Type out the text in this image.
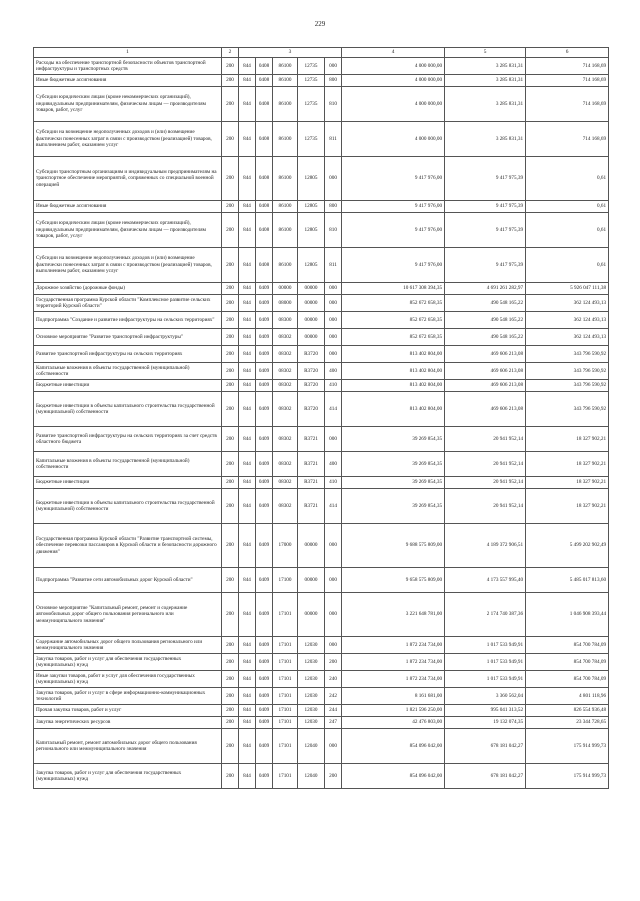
229
1	2	3					4	5	6
Расходы на обеспечение транспортной безопасности объектов транспортной инфраструктуры и транспортных средств	200	844	0408	86100	12735	000	4 000 000,00	3 285 831,31	714 168,69
Иные бюджетные ассигнования	200	844	0408	86100	12735	800	4 000 000,00	3 285 831,31	714 168,69
Субсидии юридическим лицам (кроме некоммерческих организаций), индивидуальным предпринимателям, физическим лицам — производителям товаров, работ, услуг	200	844	0408	86100	12735	810	4 000 000,00	3 285 831,31	714 168,69
Субсидии на возмещение недополученных доходов и (или) возмещение фактически понесенных затрат в связи с производством (реализацией) товаров, выполнением работ, оказанием услуг	200	844	0408	86100	12735	811	4 000 000,00	3 285 831,31	714 168,69
Субсидии транспортным организациям и индивидуальным предпринимателям на транспортное обеспечение мероприятий, сопряженных со специальной военной операцией	200	844	0408	86100	12805	000	9 417 976,00	9 417 975,39	0,61
Иные бюджетные ассигнования	200	844	0408	86100	12805	800	9 417 976,00	9 417 975,39	0,61
Субсидии юридическим лицам (кроме некоммерческих организаций), индивидуальным предпринимателям, физическим лицам — производителям товаров, работ, услуг	200	844	0408	86100	12805	810	9 417 976,00	9 417 975,39	0,61
Субсидии на возмещение недополученных доходов и (или) возмещение фактически понесенных затрат в связи с производством (реализацией) товаров, выполнением работ, оказанием услуг	200	844	0408	86100	12805	811	9 417 976,00	9 417 975,39	0,61
Дорожное хозяйство (дорожные фонды)	200	844	0409	00000	00000	000	10 617 308 394,35	4 691 261 282,97	5 926 047 111,38
Государственная программа Курской области "Комплексное развитие сельских территорий Курской области"	200	844	0409	08000	00000	000	852 672 658,35	490 548 165,22	362 124 493,13
Подпрограмма "Создание и развитие инфраструктуры на сельских территориях"	200	844	0409	08300	00000	000	852 672 658,35	490 548 165,22	362 124 493,13
Основное мероприятие "Развитие транспортной инфраструктуры"	200	844	0409	08302	00000	000	852 672 658,35	490 548 165,22	362 124 493,13
Развитие транспортной инфраструктуры на сельских территориях	200	844	0409	08302	R3720	000	813 402 804,00	469 606 213,08	343 796 590,92
Капитальные вложения в объекты государственной (муниципальной) собственности	200	844	0409	08302	R3720	400	813 402 804,00	469 606 213,08	343 796 590,92
Бюджетные инвестиции	200	844	0409	08302	R3720	410	813 402 804,00	469 606 213,08	343 796 590,92
Бюджетные инвестиции в объекты капитального строительства государственной (муниципальной) собственности	200	844	0409	08302	R3720	414	813 402 804,00	469 606 213,08	343 796 590,92
Развитие транспортной инфраструктуры на сельских территориях за счет средств областного бюджета	200	844	0409	08302	R3721	000	39 269 854,35	20 941 952,14	18 327 902,21
Капитальные вложения в объекты государственной (муниципальной) собственности	200	844	0409	08302	R3721	400	39 269 854,35	20 941 952,14	18 327 902,21
Бюджетные инвестиции	200	844	0409	08302	R3721	410	39 269 854,35	20 941 952,14	18 327 902,21
Бюджетные инвестиции в объекты капитального строительства государственной (муниципальной) собственности	200	844	0409	08302	R3721	414	39 269 854,35	20 941 952,14	18 327 902,21
Государственная программа Курской области "Развитие транспортной системы, обеспечение перевозки пассажиров в Курской области и безопасности дорожного движения"	200	844	0409	17000	00000	000	9 688 575 809,00	4 189 372 906,51	5 499 202 902,49
Подпрограмма "Развитие сети автомобильных дорог Курской области"	200	844	0409	17100	00000	000	9 658 575 809,00	4 173 557 995,40	5 485 017 813,60
Основное мероприятие "Капитальный ремонт, ремонт и содержание автомобильных дорог общего пользования регионального или межмуниципального значения"	200	844	0409	17101	00000	000	3 221 648 781,00	2 174 740 387,36	1 046 908 393,44
Содержание автомобильных дорог общего пользования регионального или межмуниципального значения	200	844	0409	17101	12030	000	1 872 234 734,00	1 017 533 949,91	854 700 784,09
Закупка товаров, работ и услуг для обеспечения государственных (муниципальных) нужд	200	844	0409	17101	12030	200	1 872 234 734,00	1 017 533 949,91	854 700 784,09
Иные закупки товаров, работ и услуг для обеспечения государственных (муниципальных) нужд	200	844	0409	17101	12030	240	1 872 234 734,00	1 017 533 949,91	854 700 784,09
Закупка товаров, работ и услуг в сфере информационно-коммуникационных технологий	200	844	0409	17101	12030	242	8 161 681,00	3 360 562,04	4 801 118,96
Прочая закупка товаров, работ и услуг	200	844	0409	17101	12030	244	1 821 596 250,00	995 041 313,52	826 554 936,48
Закупка энергетических ресурсов	200	844	0409	17101	12030	247	42 476 803,00	19 132 074,35	23 344 728,65
Капитальный ремонт, ремонт автомобильных дорог общего пользования регионального или межмуниципального значения	200	844	0409	17101	12040	000	854 096 042,00	678 181 042,27	175 914 999,73
Закупка товаров, работ и услуг для обеспечения государственных (муниципальных) нужд	200	844	0409	17101	12040	200	854 096 042,00	678 181 042,27	175 914 999,73
